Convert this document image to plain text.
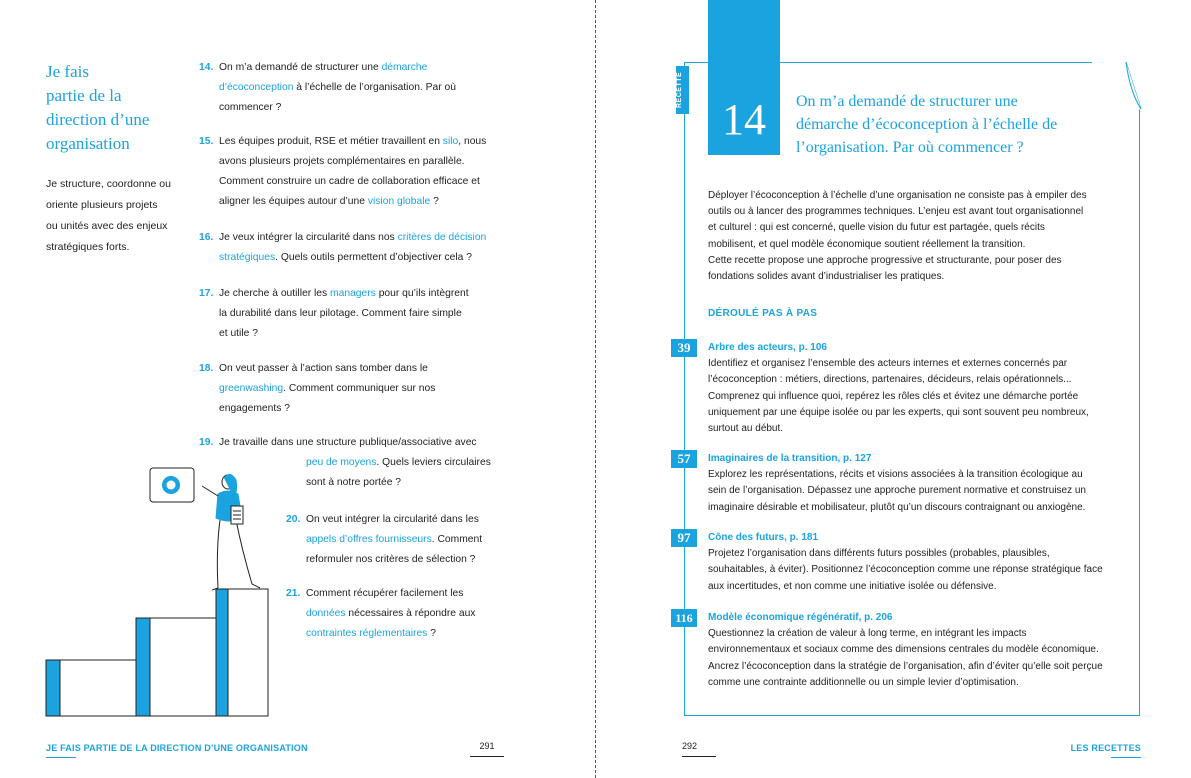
Je fais
partie de la
direction d’une
organisation
Je structure, coordonne ou
oriente plusieurs projets
ou unités avec des enjeux
stratégiques forts.
14. On m’a demandé de structurer une démarche
d’écoconception à l’échelle de l’organisation. Par où
commencer ?
15. Les équipes produit, RSE et métier travaillent en silo, nous
avons plusieurs projets complémentaires en parallèle.
Comment construire un cadre de collaboration efficace et
aligner les équipes autour d’une vision globale ?
16. Je veux intégrer la circularité dans nos critères de décision
stratégiques. Quels outils permettent d’objectiver cela ?
17. Je cherche à outiller les managers pour qu’ils intègrent
la durabilité dans leur pilotage. Comment faire simple
et utile ?
18. On veut passer à l’action sans tomber dans le
greenwashing. Comment communiquer sur nos
engagements ?
19. Je travaille dans une structure publique/associative avec
peu de moyens. Quels leviers circulaires
sont à notre portée ?
20. On veut intégrer la circularité dans les
appels d’offres fournisseurs. Comment
reformuler nos critères de sélection ?
21. Comment récupérer facilement les
données nécessaires à répondre aux
contraintes réglementaires ?
JE FAIS PARTIE DE LA DIRECTION D’UNE ORGANISATION	291
14
RECETTE	On m’a demandé de structurer une
démarche d’écoconception à l’échelle de
l’organisation. Par où commencer ?
Déployer l’écoconception à l’échelle d’une organisation ne consiste pas à empiler des
outils ou à lancer des programmes techniques. L’enjeu est avant tout organisationnel
et culturel : qui est concerné, quelle vision du futur est partagée, quels récits
mobilisent, et quel modèle économique soutient réellement la transition.
Cette recette propose une approche progressive et structurante, pour poser des
fondations solides avant d’industrialiser les pratiques.
DÉROULÉ PAS À PAS
39	Arbre des acteurs, p. 106
Identifiez et organisez l’ensemble des acteurs internes et externes concernés par
l’écoconception : métiers, directions, partenaires, décideurs, relais opérationnels...
Comprenez qui influence quoi, repérez les rôles clés et évitez une démarche portée
uniquement par une équipe isolée ou par les experts, qui sont souvent peu nombreux,
surtout au début.
57	Imaginaires de la transition, p. 127
Explorez les représentations, récits et visions associées à la transition écologique au
sein de l’organisation. Dépassez une approche purement normative et construisez un
imaginaire désirable et mobilisateur, plutôt qu’un discours contraignant ou anxiogène.
97	Cône des futurs, p. 181
Projetez l’organisation dans différents futurs possibles (probables, plausibles,
souhaitables, à éviter). Positionnez l’écoconception comme une réponse stratégique face
aux incertitudes, et non comme une initiative isolée ou défensive.
116	Modèle économique régénératif, p. 206
Questionnez la création de valeur à long terme, en intégrant les impacts
environnementaux et sociaux comme des dimensions centrales du modèle économique.
Ancrez l’écoconception dans la stratégie de l’organisation, afin d’éviter qu’elle soit perçue
comme une contrainte additionnelle ou un simple levier d’optimisation.
292	LES RECETTES
